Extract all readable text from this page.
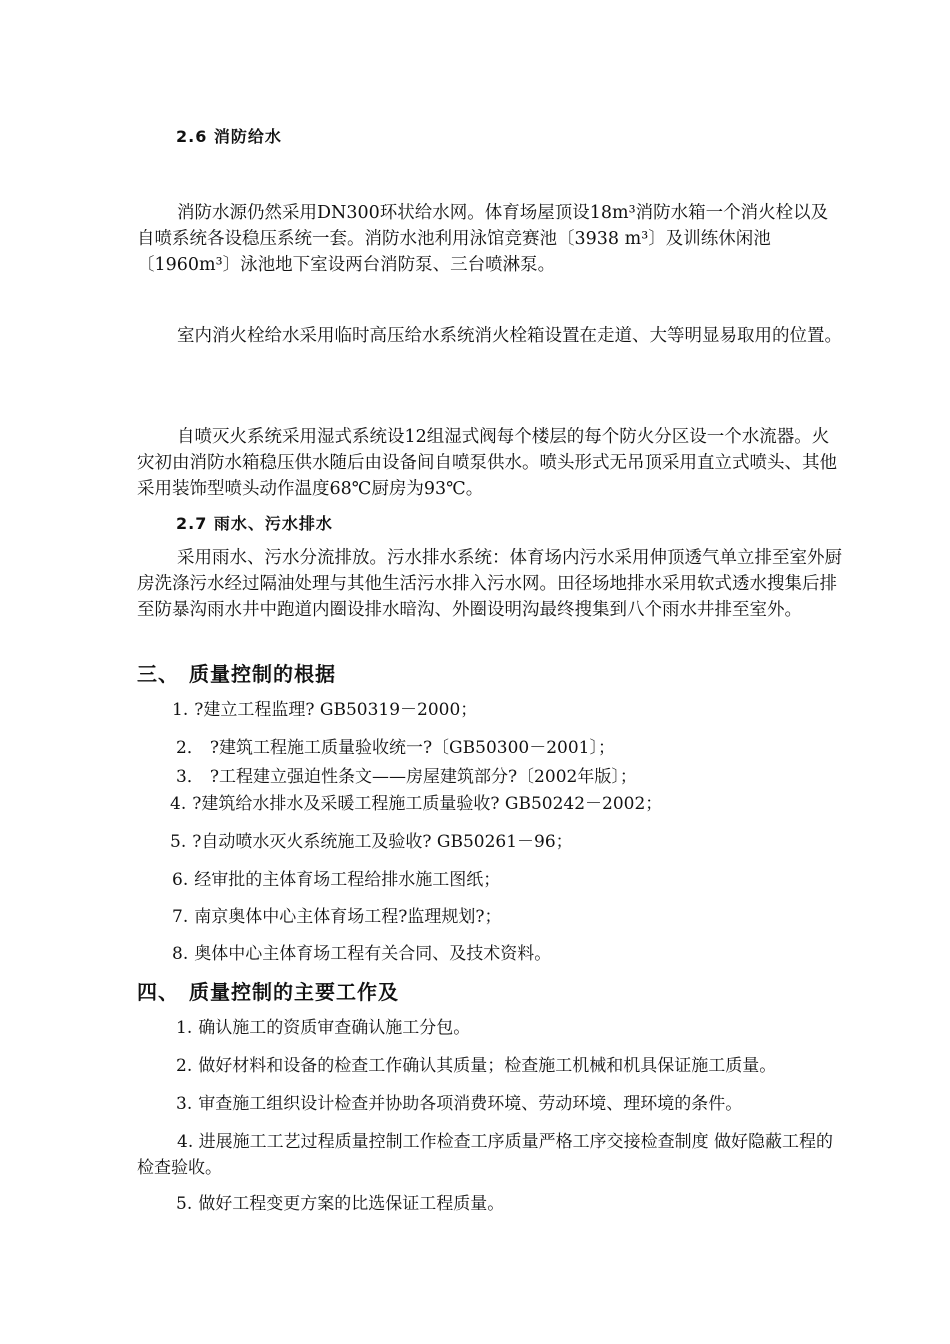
2.6 消防给水

消防水源仍然采用DN300环状给水网。体育场屋顶设18m³消防水箱一个消火栓以及自喷系统各设稳压系统一套。消防水池利用泳馆竞赛池〔3938 m³〕及训练休闲池〔1960m³〕泳池地下室设两台消防泵、三台喷淋泵。

室内消火栓给水采用临时高压给水系统消火栓箱设置在走道、大等明显易取用的位置。

自喷灭火系统采用湿式系统设12组湿式阀每个楼层的每个防火分区设一个水流器。火灾初由消防水箱稳压供水随后由设备间自喷泵供水。喷头形式无吊顶采用直立式喷头、其他采用装饰型喷头动作温度68℃厨房为93℃。

2.7 雨水、污水排水

采用雨水、污水分流排放。污水排水系统：体育场内污水采用伸顶透气单立排至室外厨房洗涤污水经过隔油处理与其他生活污水排入污水网。田径场地排水采用软式透水搜集后排至防暴沟雨水井中跑道内圈设排水暗沟、外圈设明沟最终搜集到八个雨水井排至室外。

三、 质量控制的根据
1. ?建立工程监理? GB50319－2000；
2． ?建筑工程施工质量验收统一?〔GB50300－2001〕；
3． ?工程建立强迫性条文——房屋建筑部分?〔2002年版〕；
4. ?建筑给水排水及采暖工程施工质量验收? GB50242－2002；
5. ?自动喷水灭火系统施工及验收? GB50261－96；
6. 经审批的主体育场工程给排水施工图纸；
7. 南京奥体中心主体育场工程?监理规划?；
8. 奥体中心主体育场工程有关合同、及技术资料。
四、 质量控制的主要工作及
1. 确认施工的资质审查确认施工分包。
2. 做好材料和设备的检查工作确认其质量；检查施工机械和机具保证施工质量。
3. 审查施工组织设计检查并协助各项消费环境、劳动环境、理环境的条件。

4. 进展施工工艺过程质量控制工作检查工序质量严格工序交接检查制度 做好隐蔽工程的检查验收。

5. 做好工程变更方案的比选保证工程质量。
